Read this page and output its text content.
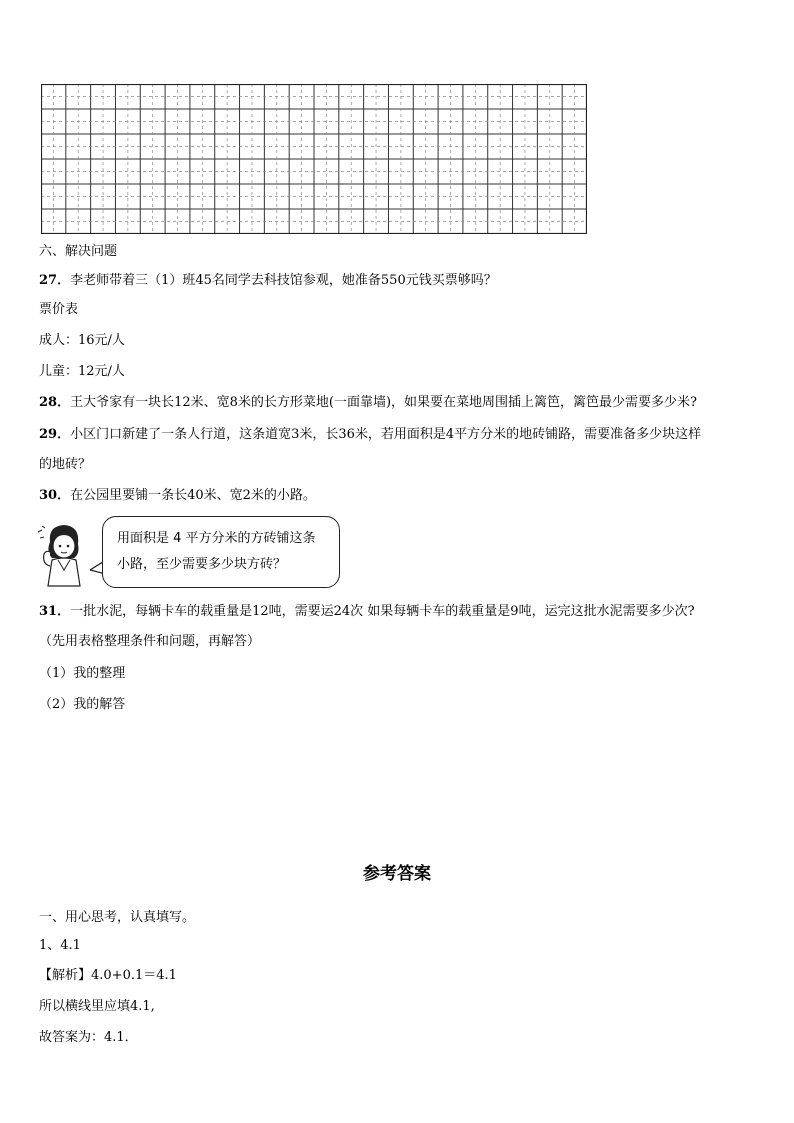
六、解决问题
27．李老师带着三（1）班45名同学去科技馆参观，她准备550元钱买票够吗？
票价表
成人：16元/人
儿童：12元/人
28．王大爷家有一块长12米、宽8米的长方形菜地(一面靠墙)，如果要在菜地周围插上篱笆，篱笆最少需要多少米?
29．小区门口新建了一条人行道，这条道宽3米，长36米，若用面积是4平方分米的地砖铺路，需要准备多少块这样
的地砖？
30．在公园里要铺一条长40米、宽2米的小路。
用面积是 4 平方分米的方砖铺这条
小路，至少需要多少块方砖？
31．一批水泥，每辆卡车的载重量是12吨，需要运24次 如果每辆卡车的载重量是9吨，运完这批水泥需要多少次?
（先用表格整理条件和问题，再解答）
（1）我的整理
（2）我的解答
参考答案
一、用心思考，认真填写。
1、4.1
【解析】4.0+0.1＝4.1
所以横线里应填4.1,
故答案为：4.1．
